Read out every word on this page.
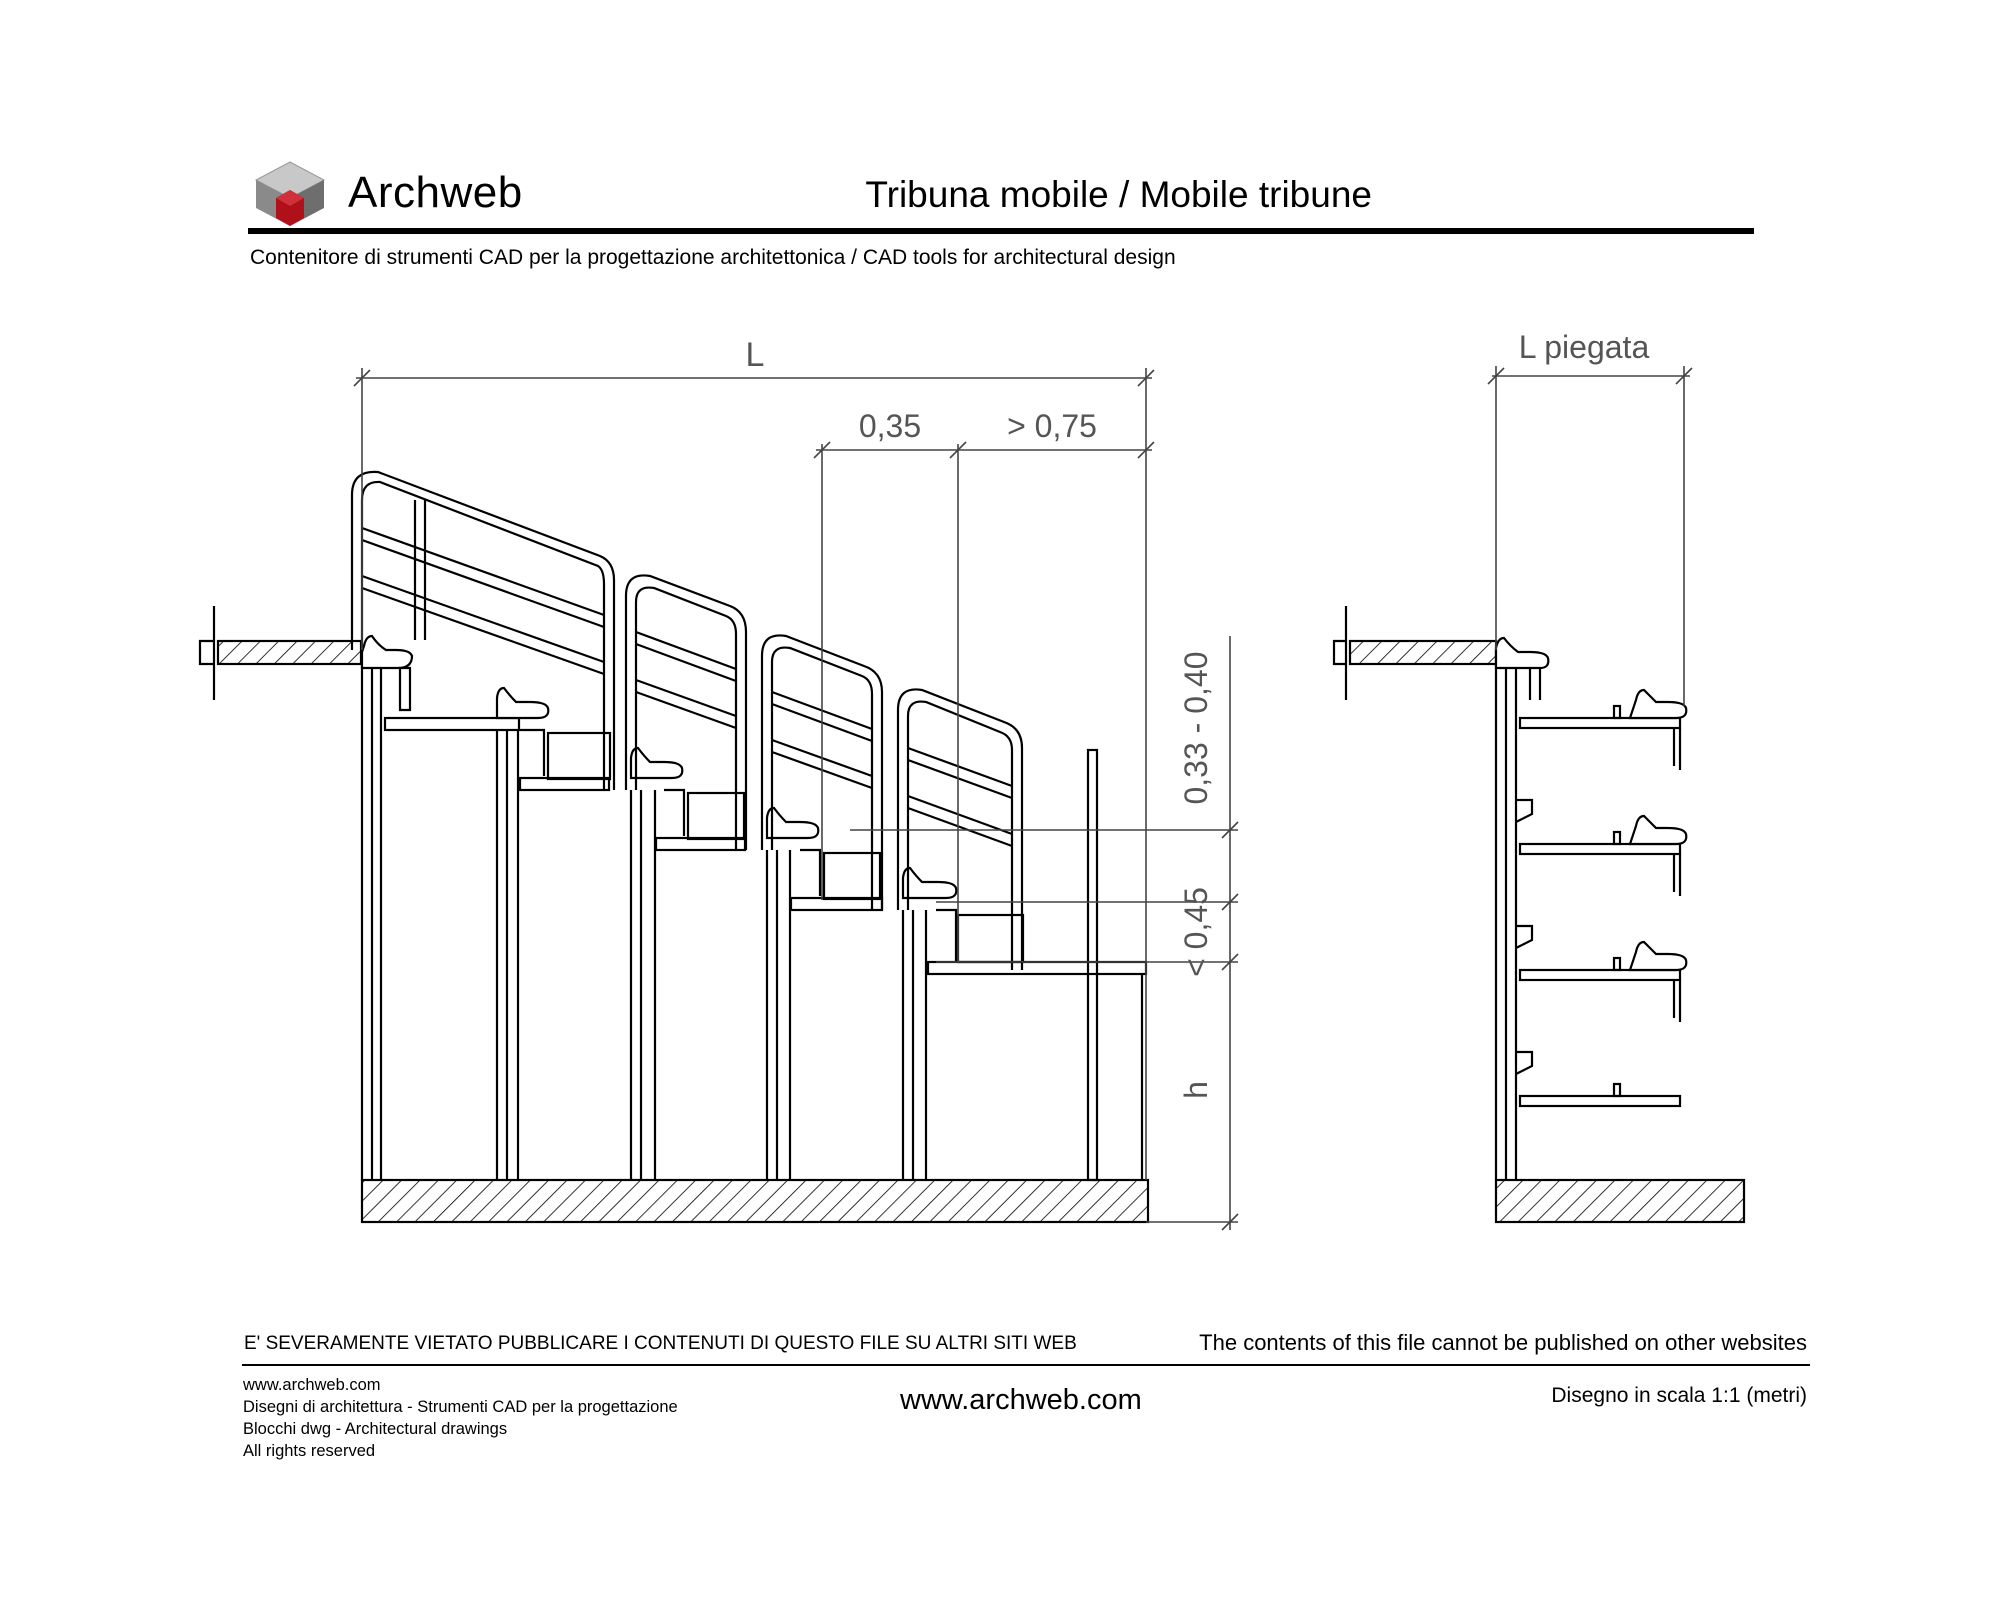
Archweb	Tribuna mobile / Mobile tribune
Contenitore di strumenti CAD per la progettazione architettonica / CAD tools for architectural design
L
0,35	> 0,75
L piegata
0,33 - 0,40
< 0,45
h
E' SEVERAMENTE VIETATO PUBBLICARE I CONTENUTI DI QUESTO FILE SU ALTRI SITI WEB	The contents of this file cannot be published on other websites
www.archweb.com
Disegni di architettura - Strumenti CAD per la progettazione
Blocchi dwg - Architectural drawings
All rights reserved
www.archweb.com	Disegno in scala 1:1 (metri)
